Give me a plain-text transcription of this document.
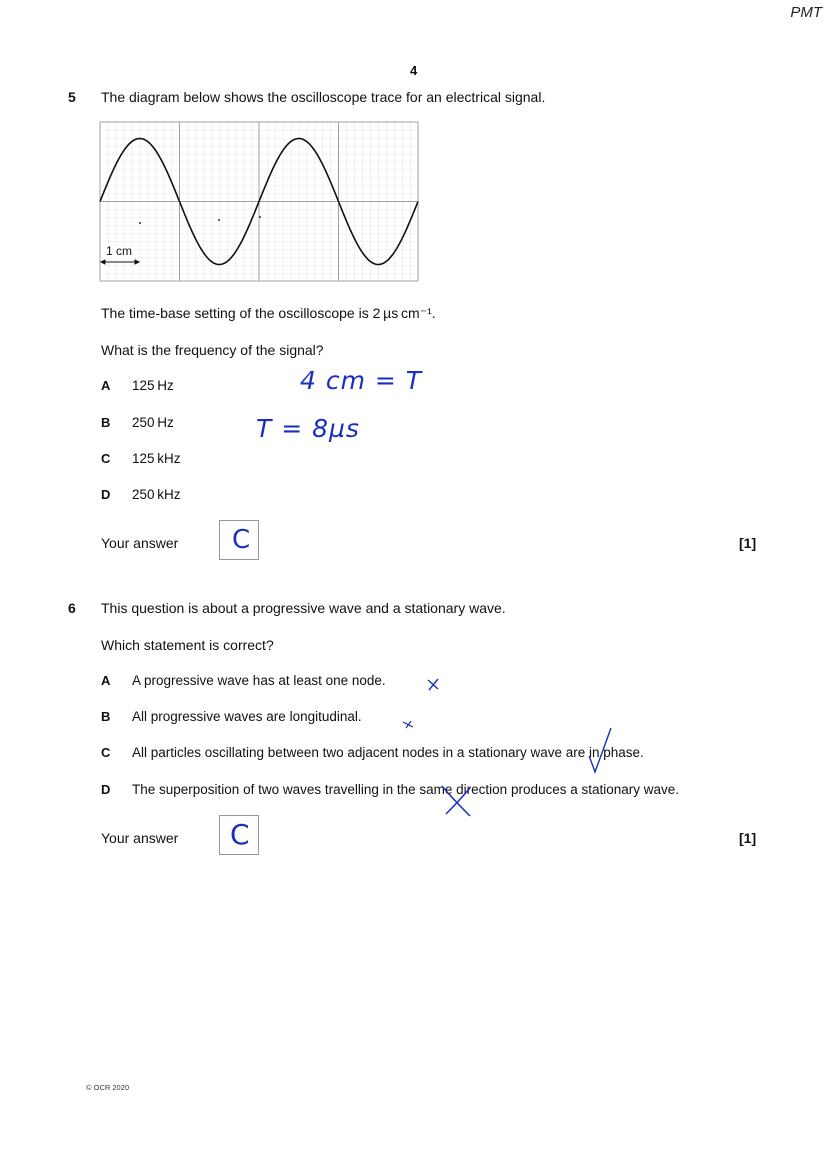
PMT
4
5 The diagram below shows the oscilloscope trace for an electrical signal.
1 cm
The time-base setting of the oscilloscope is 2 µs cm⁻¹.
What is the frequency of the signal?
A 125 Hz
B 250 Hz
C 125 kHz
D 250 kHz
4 cm = T
T = 8µs
Your answer C	[1]
6 This question is about a progressive wave and a stationary wave.
Which statement is correct?
A A progressive wave has at least one node.
B All progressive waves are longitudinal.
C All particles oscillating between two adjacent nodes in a stationary wave are in phase.
D The superposition of two waves travelling in the same direction produces a stationary wave.
Your answer C	[1]
© OCR 2020
